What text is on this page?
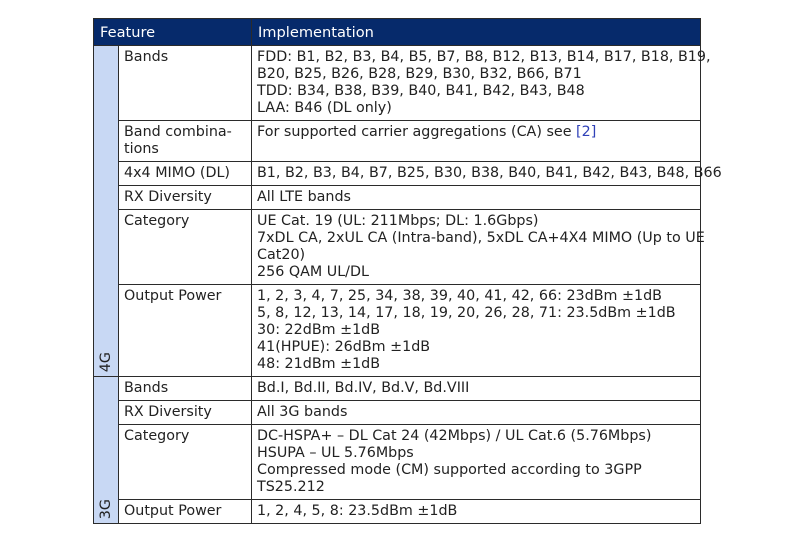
Feature		Implementation

4G	Bands	FDD: B1, B2, B3, B4, B5, B7, B8, B12, B13, B14, B17, B18, B19,
B20, B25, B26, B28, B29, B30, B32, B66, B71
TDD: B34, B38, B39, B40, B41, B42, B43, B48
LAA: B46 (DL only)

	Band combina-
tions	For supported carrier aggregations (CA) see [2]
	4x4 MIMO (DL)	B1, B2, B3, B4, B7, B25, B30, B38, B40, B41, B42, B43, B48, B66

	RX Diversity	All LTE bands

	Category	UE Cat. 19 (UL: 211Mbps; DL: 1.6Gbps)
7xDL CA, 2xUL CA (Intra-band), 5xDL CA+4X4 MIMO (Up to UE
Cat20)
256 QAM UL/DL

	Output Power	1, 2, 3, 4, 7, 25, 34, 38, 39, 40, 41, 42, 66: 23dBm ±1dB
5, 8, 12, 13, 14, 17, 18, 19, 20, 26, 28, 71: 23.5dBm ±1dB
30: 22dBm ±1dB
41(HPUE): 26dBm ±1dB
48: 21dBm ±1dB

3G	Bands	Bd.I, Bd.II, Bd.IV, Bd.V, Bd.VIII

	RX Diversity	All 3G bands

	Category	DC-HSPA+ – DL Cat 24 (42Mbps) / UL Cat.6 (5.76Mbps)
HSUPA – UL 5.76Mbps
Compressed mode (CM) supported according to 3GPP
TS25.212

	Output Power	1, 2, 4, 5, 8: 23.5dBm ±1dB
